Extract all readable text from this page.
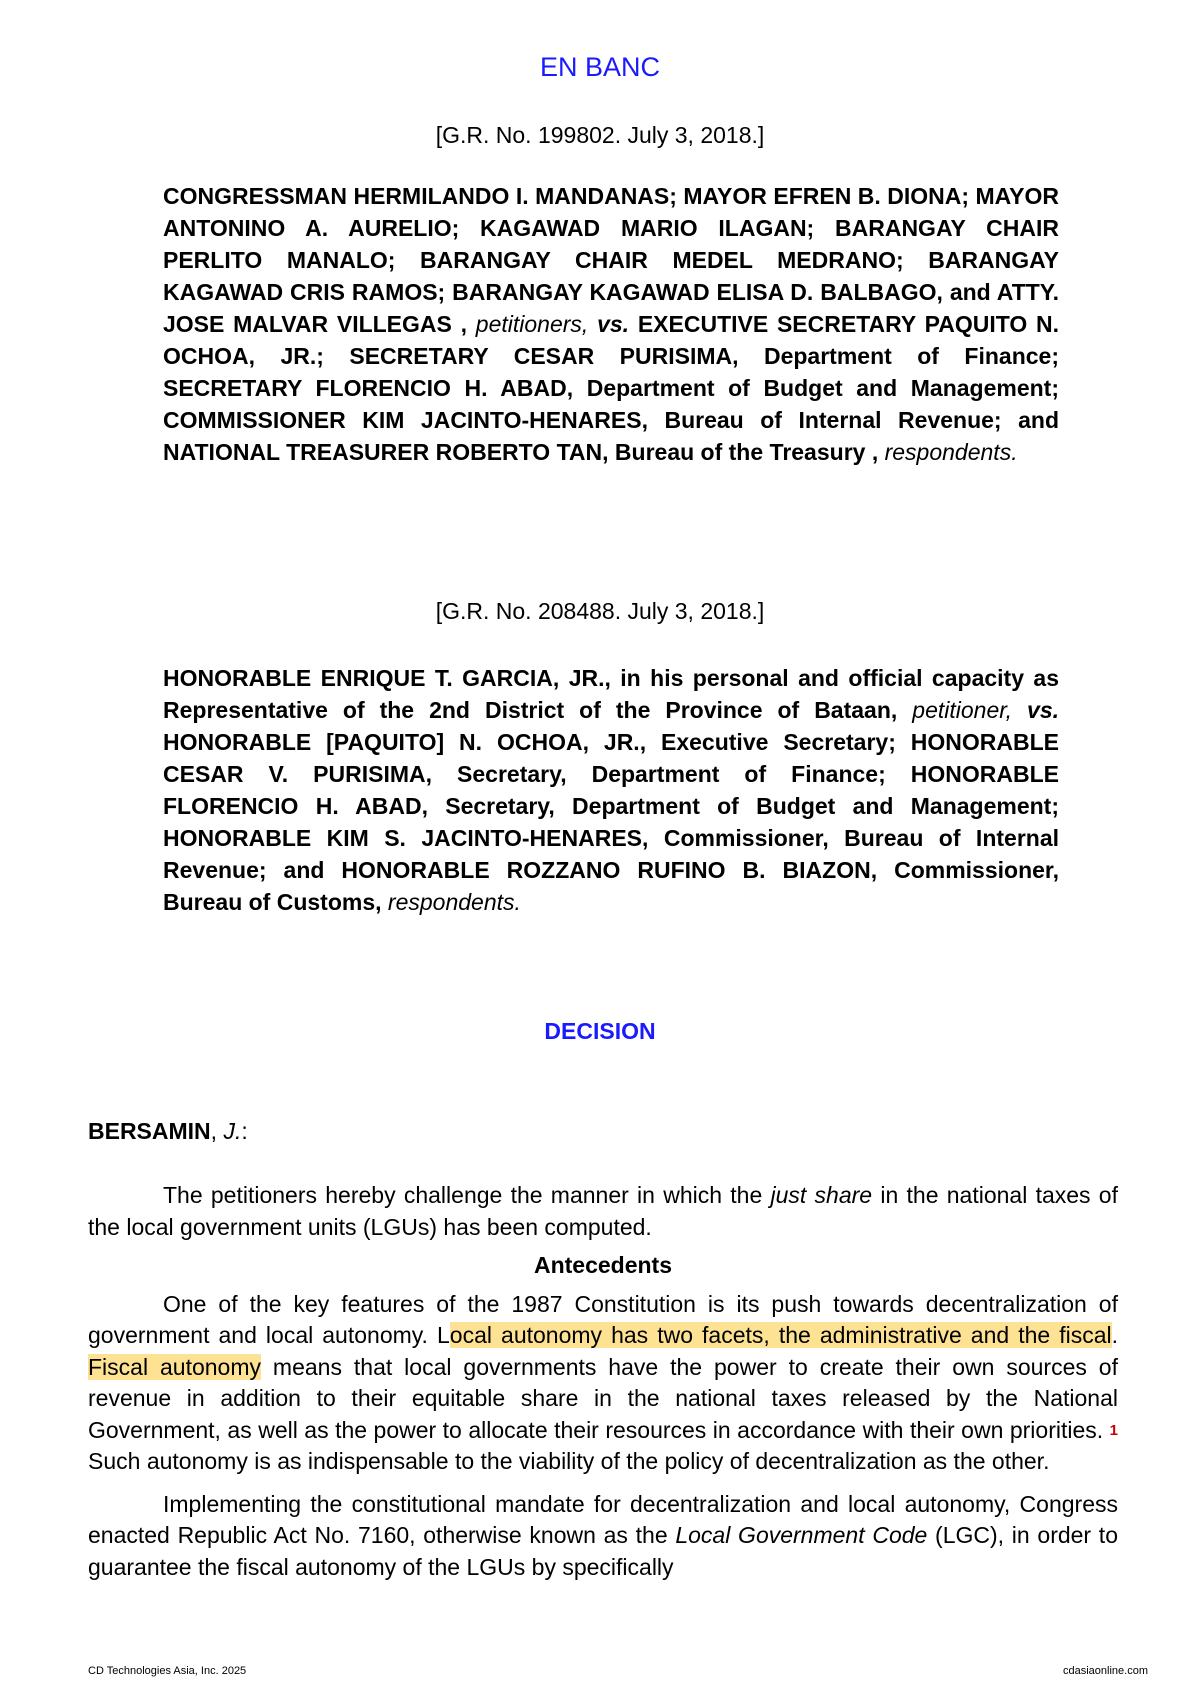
EN BANC
[G.R. No. 199802. July 3, 2018.]
CONGRESSMAN HERMILANDO I. MANDANAS; MAYOR EFREN B. DIONA; MAYOR ANTONINO A. AURELIO; KAGAWAD MARIO ILAGAN; BARANGAY CHAIR PERLITO MANALO; BARANGAY CHAIR MEDEL MEDRANO; BARANGAY KAGAWAD CRIS RAMOS; BARANGAY KAGAWAD ELISA D. BALBAGO, and ATTY. JOSE MALVAR VILLEGAS , petitioners, vs. EXECUTIVE SECRETARY PAQUITO N. OCHOA, JR.; SECRETARY CESAR PURISIMA, Department of Finance; SECRETARY FLORENCIO H. ABAD, Department of Budget and Management; COMMISSIONER KIM JACINTO-HENARES, Bureau of Internal Revenue; and NATIONAL TREASURER ROBERTO TAN, Bureau of the Treasury , respondents.
[G.R. No. 208488. July 3, 2018.]
HONORABLE ENRIQUE T. GARCIA, JR., in his personal and official capacity as Representative of the 2nd District of the Province of Bataan, petitioner, vs. HONORABLE [PAQUITO] N. OCHOA, JR., Executive Secretary; HONORABLE CESAR V. PURISIMA, Secretary, Department of Finance; HONORABLE FLORENCIO H. ABAD, Secretary, Department of Budget and Management; HONORABLE KIM S. JACINTO-HENARES, Commissioner, Bureau of Internal Revenue; and HONORABLE ROZZANO RUFINO B. BIAZON, Commissioner, Bureau of Customs, respondents.
DECISION
BERSAMIN, J.:

The petitioners hereby challenge the manner in which the just share in the national taxes of the local government units (LGUs) has been computed.

Antecedents

One of the key features of the 1987 Constitution is its push towards decentralization of government and local autonomy. Local autonomy has two facets, the administrative and the fiscal. Fiscal autonomy means that local governments have the power to create their own sources of revenue in addition to their equitable share in the national taxes released by the National Government, as well as the power to allocate their resources in accordance with their own priorities. 1 Such autonomy is as indispensable to the viability of the policy of decentralization as the other.

Implementing the constitutional mandate for decentralization and local autonomy, Congress enacted Republic Act No. 7160, otherwise known as the Local Government Code (LGC), in order to guarantee the fiscal autonomy of the LGUs by specifically

CD Technologies Asia, Inc. 2025	cdasiaonline.com
